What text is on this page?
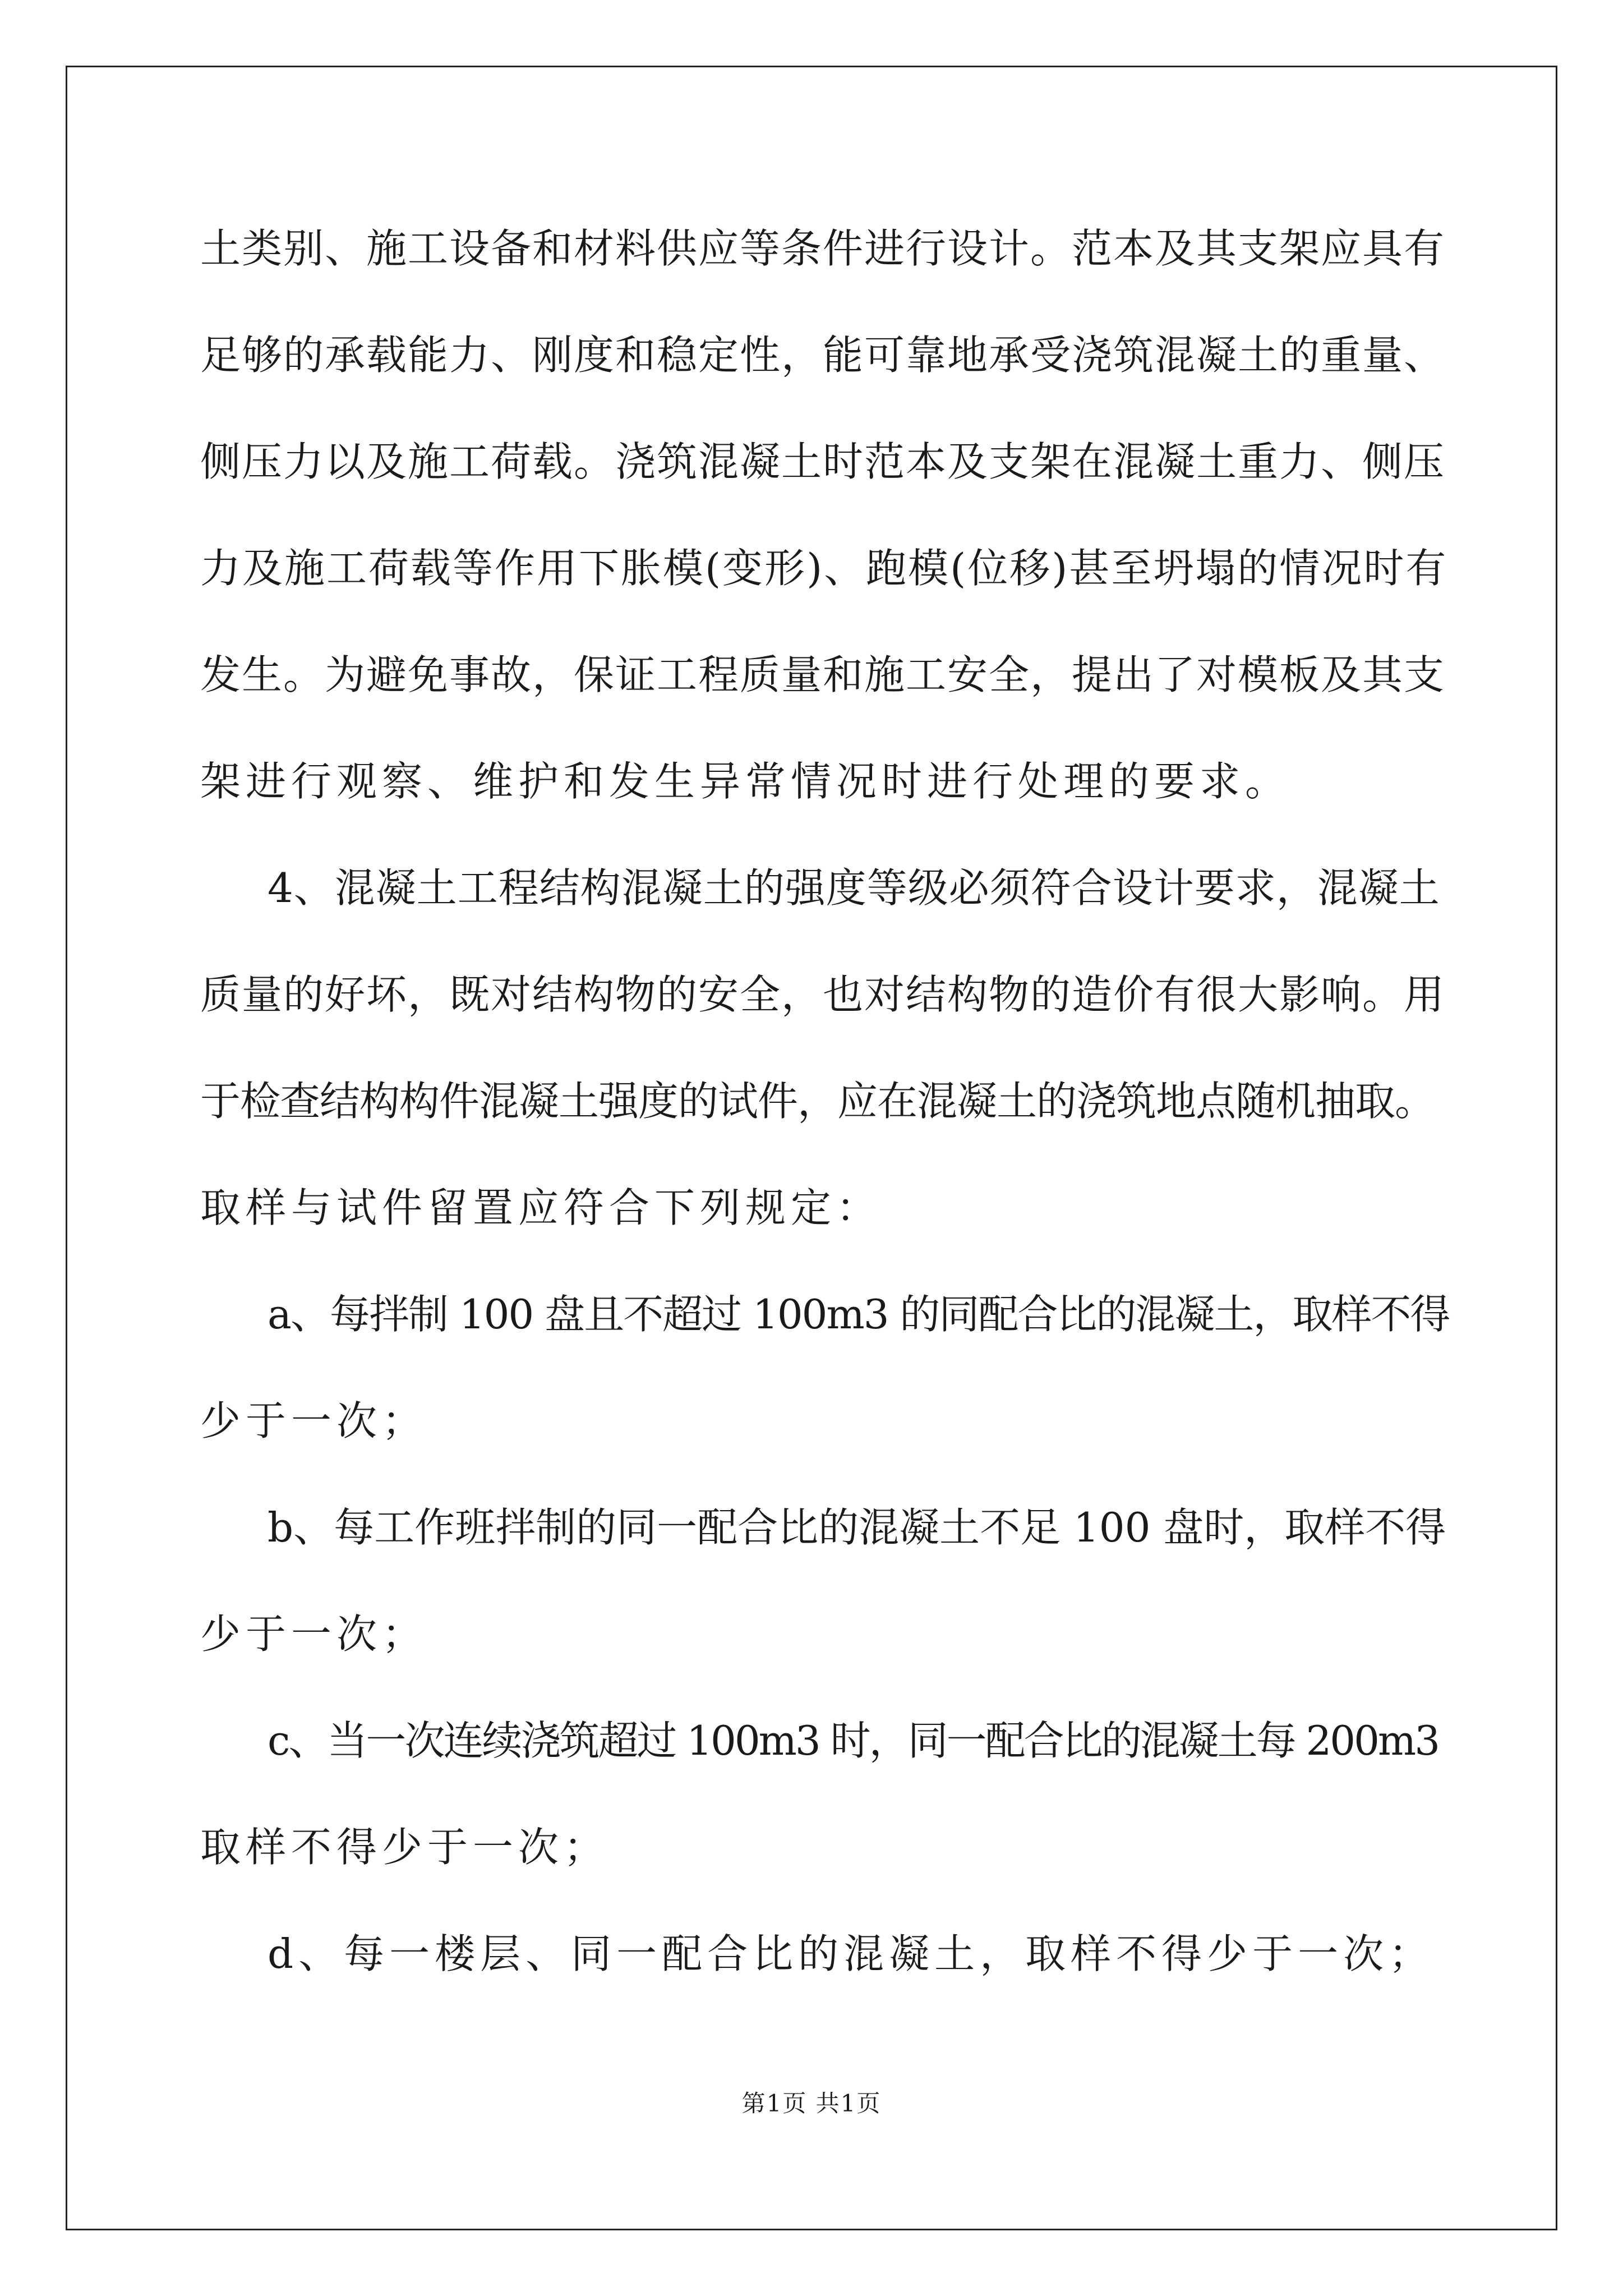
土类别、施工设备和材料供应等条件进行设计。范本及其支架应具有
足够的承载能力、刚度和稳定性，能可靠地承受浇筑混凝土的重量、
侧压力以及施工荷载。浇筑混凝土时范本及支架在混凝土重力、侧压
力及施工荷载等作用下胀模(变形)、跑模(位移)甚至坍塌的情况时有
发生。为避免事故，保证工程质量和施工安全，提出了对模板及其支
架进行观察、维护和发生异常情况时进行处理的要求。
4、混凝土工程结构混凝土的强度等级必须符合设计要求，混凝土
质量的好坏，既对结构物的安全，也对结构物的造价有很大影响。用
于检查结构构件混凝土强度的试件，应在混凝土的浇筑地点随机抽取。
取样与试件留置应符合下列规定：
a、每拌制 100 盘且不超过 100m3 的同配合比的混凝土，取样不得
少于一次；
b、每工作班拌制的同一配合比的混凝土不足 100 盘时，取样不得
少于一次；
c、当一次连续浇筑超过 100m3 时，同一配合比的混凝土每 200m3
取样不得少于一次；
d、每一楼层、同一配合比的混凝土，取样不得少于一次；
第1页 共1页
